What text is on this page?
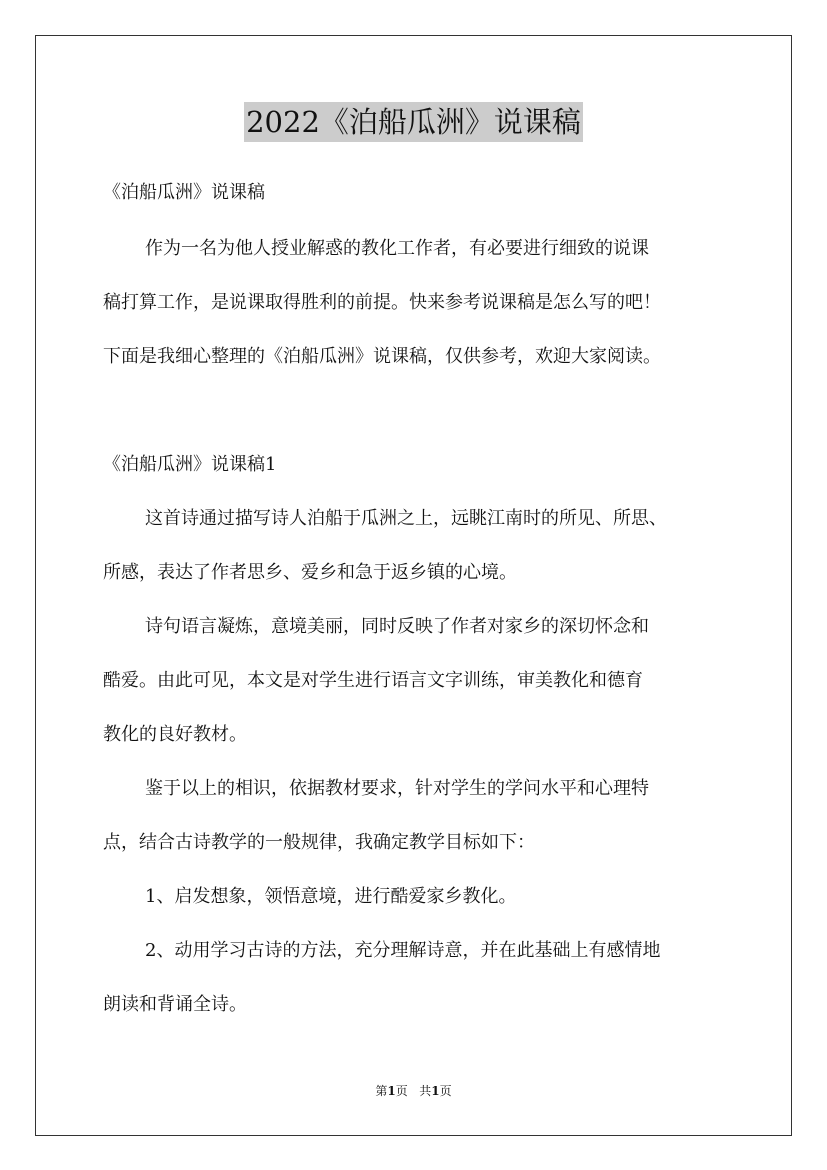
2022《泊船瓜洲》说课稿

《泊船瓜洲》说课稿

作为一名为他人授业解惑的教化工作者，有必要进行细致的说课

稿打算工作，是说课取得胜利的前提。快来参考说课稿是怎么写的吧！

下面是我细心整理的《泊船瓜洲》说课稿，仅供参考，欢迎大家阅读。

《泊船瓜洲》说课稿1

这首诗通过描写诗人泊船于瓜洲之上，远眺江南时的所见、所思、

所感，表达了作者思乡、爱乡和急于返乡镇的心境。

诗句语言凝炼，意境美丽，同时反映了作者对家乡的深切怀念和

酷爱。由此可见，本文是对学生进行语言文字训练，审美教化和德育

教化的良好教材。

鉴于以上的相识，依据教材要求，针对学生的学问水平和心理特

点，结合古诗教学的一般规律，我确定教学目标如下：

1、启发想象，领悟意境，进行酷爱家乡教化。

2、动用学习古诗的方法，充分理解诗意，并在此基础上有感情地

朗读和背诵全诗。

第1页   共1页
